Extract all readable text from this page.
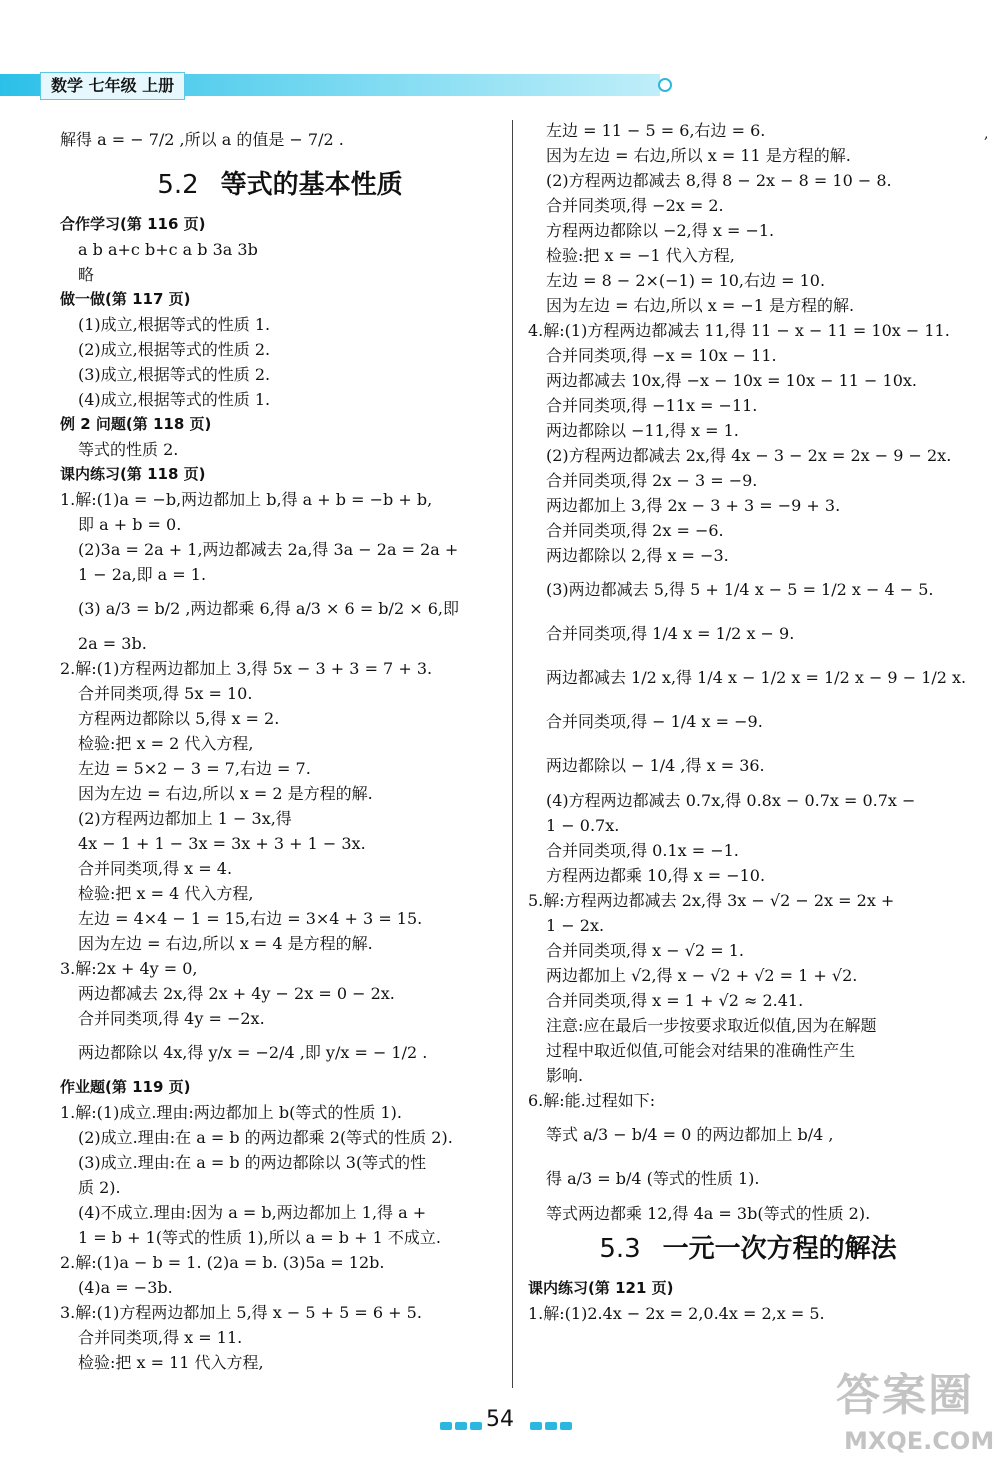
数学 七年级 上册
,
解得 a = − 7/2 ,所以 a 的值是 − 7/2 .
5.2 等式的基本性质
合作学习(第 116 页)
a b a+c b+c a b 3a 3b
略
做一做(第 117 页)
(1)成立,根据等式的性质 1.
(2)成立,根据等式的性质 2.
(3)成立,根据等式的性质 2.
(4)成立,根据等式的性质 1.
例 2 问题(第 118 页)
等式的性质 2.
课内练习(第 118 页)
1.解:(1)a = −b,两边都加上 b,得 a + b = −b + b,
即 a + b = 0.
(2)3a = 2a + 1,两边都减去 2a,得 3a − 2a = 2a +
1 − 2a,即 a = 1.
(3) a/3 = b/2 ,两边都乘 6,得 a/3 × 6 = b/2 × 6,即
2a = 3b.
2.解:(1)方程两边都加上 3,得 5x − 3 + 3 = 7 + 3.
合并同类项,得 5x = 10.
方程两边都除以 5,得 x = 2.
检验:把 x = 2 代入方程,
左边 = 5×2 − 3 = 7,右边 = 7.
因为左边 = 右边,所以 x = 2 是方程的解.
(2)方程两边都加上 1 − 3x,得
4x − 1 + 1 − 3x = 3x + 3 + 1 − 3x.
合并同类项,得 x = 4.
检验:把 x = 4 代入方程,
左边 = 4×4 − 1 = 15,右边 = 3×4 + 3 = 15.
因为左边 = 右边,所以 x = 4 是方程的解.
3.解:2x + 4y = 0,
两边都减去 2x,得 2x + 4y − 2x = 0 − 2x.
合并同类项,得 4y = −2x.
两边都除以 4x,得 y/x = −2/4 ,即 y/x = − 1/2 .
作业题(第 119 页)
1.解:(1)成立.理由:两边都加上 b(等式的性质 1).
(2)成立.理由:在 a = b 的两边都乘 2(等式的性质 2).
(3)成立.理由:在 a = b 的两边都除以 3(等式的性
质 2).
(4)不成立.理由:因为 a = b,两边都加上 1,得 a +
1 = b + 1(等式的性质 1),所以 a = b + 1 不成立.
2.解:(1)a − b = 1. (2)a = b. (3)5a = 12b.
(4)a = −3b.
3.解:(1)方程两边都加上 5,得 x − 5 + 5 = 6 + 5.
合并同类项,得 x = 11.
检验:把 x = 11 代入方程,
左边 = 11 − 5 = 6,右边 = 6.
因为左边 = 右边,所以 x = 11 是方程的解.
(2)方程两边都减去 8,得 8 − 2x − 8 = 10 − 8.
合并同类项,得 −2x = 2.
方程两边都除以 −2,得 x = −1.
检验:把 x = −1 代入方程,
左边 = 8 − 2×(−1) = 10,右边 = 10.
因为左边 = 右边,所以 x = −1 是方程的解.
4.解:(1)方程两边都减去 11,得 11 − x − 11 = 10x − 11.
合并同类项,得 −x = 10x − 11.
两边都减去 10x,得 −x − 10x = 10x − 11 − 10x.
合并同类项,得 −11x = −11.
两边都除以 −11,得 x = 1.
(2)方程两边都减去 2x,得 4x − 3 − 2x = 2x − 9 − 2x.
合并同类项,得 2x − 3 = −9.
两边都加上 3,得 2x − 3 + 3 = −9 + 3.
合并同类项,得 2x = −6.
两边都除以 2,得 x = −3.
(3)两边都减去 5,得 5 + 1/4 x − 5 = 1/2 x − 4 − 5.
合并同类项,得 1/4 x = 1/2 x − 9.
两边都减去 1/2 x,得 1/4 x − 1/2 x = 1/2 x − 9 − 1/2 x.
合并同类项,得 − 1/4 x = −9.
两边都除以 − 1/4 ,得 x = 36.
(4)方程两边都减去 0.7x,得 0.8x − 0.7x = 0.7x −
1 − 0.7x.
合并同类项,得 0.1x = −1.
方程两边都乘 10,得 x = −10.
5.解:方程两边都减去 2x,得 3x − √2 − 2x = 2x +
1 − 2x.
合并同类项,得 x − √2 = 1.
两边都加上 √2,得 x − √2 + √2 = 1 + √2.
合并同类项,得 x = 1 + √2 ≈ 2.41.
注意:应在最后一步按要求取近似值,因为在解题
过程中取近似值,可能会对结果的准确性产生
影响.
6.解:能.过程如下:
等式 a/3 − b/4 = 0 的两边都加上 b/4 ,
得 a/3 = b/4 (等式的性质 1).
等式两边都乘 12,得 4a = 3b(等式的性质 2).
5.3 一元一次方程的解法
课内练习(第 121 页)
1.解:(1)2.4x − 2x = 2,0.4x = 2,x = 5.
54	答案圈
MXQE.COM
